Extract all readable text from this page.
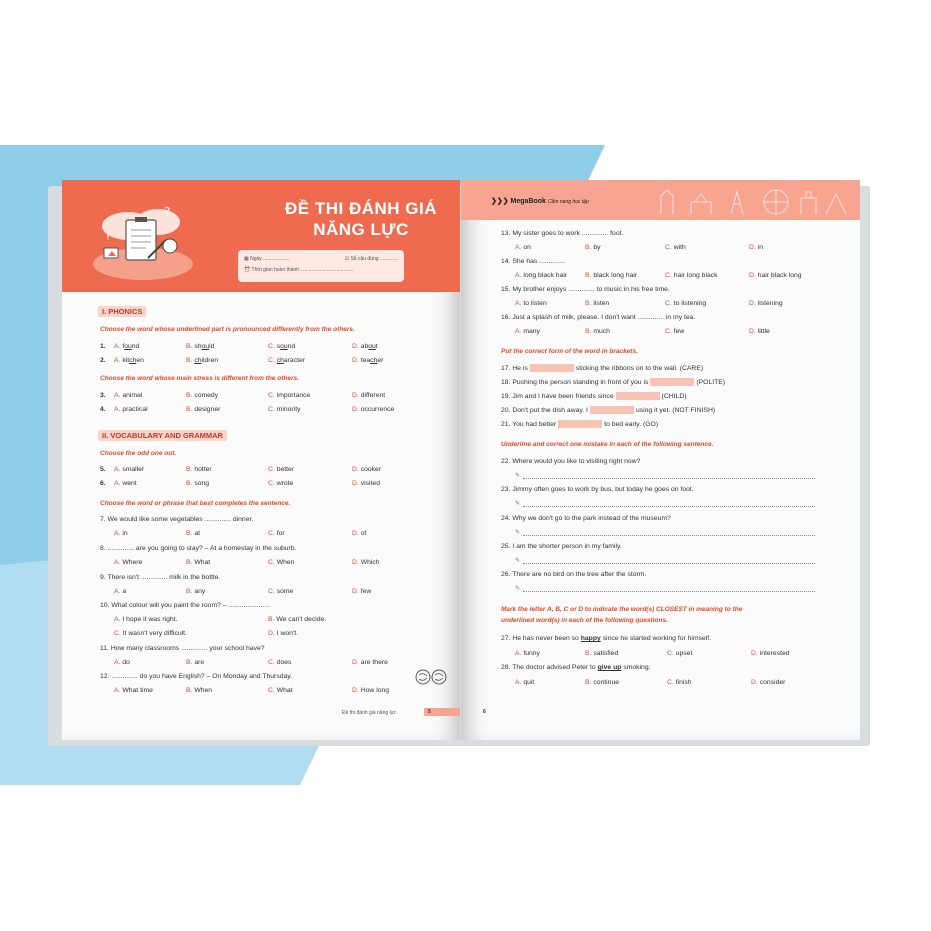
?
!
ĐỀ THI ĐÁNH GIÁ
NĂNG LỰC
▦ Ngày ...................	☑ Số câu đúng .............
⏰ Thời gian hoàn thành ......................................
I. PHONICS
Choose the word whose underlined part is pronounced differently from the others.
1. A. found	B. should	C. sound	D. about
2. A. kitchen	B. children	C. character	D. teacher
Choose the word whose main stress is different from the others.
3. A. animal	B. comedy	C. importance	D. different
4. A. practical	B. designer	C. minority	D. occurrence
II. VOCABULARY AND GRAMMAR
Choose the odd one out.
5. A. smaller	B. hotter	C. better	D. cooker
6. A. went	B. song	C. wrote	D. visited
Choose the word or phrase that best completes the sentence.
7. We would like some vegetables .............. dinner.
A. in	B. at	C. for	D. of
8. .............. are you going to stay? – At a homestay in the suburb.
A. Where	B. What	C. When	D. Which
9. There isn't .............. milk in the bottle.
A. a	B. any	C. some	D. few
10. What colour will you paint the room? – ......................
A. I hope it was right.	B. We can't decide.
C. It wasn't very difficult.	D. I won't.
11. How many classrooms .............. your school have?
A. do	B. are	C. does	D. are there
12. .............. do you have English? – On Monday and Thursday.
A. What time	B. When	C. What	D. How long
Đề thi đánh giá năng lực	5
❯❯❯ MegaBook Cẩm nang học tập
13. My sister goes to work .............. foot.
A. on	B. by	C. with	D. in
14. She has ..............
A. long black hair	B. black long hair	C. hair long black	D. hair black long
15. My brother enjoys .............. to music in his free time.
A. to listen	B. listen	C. to listening	D. listening
16. Just a splash of milk, please. I don't want .............. in my tea.
A. many	B. much	C. few	D. little
Put the correct form of the word in brackets.
17. He is	sticking the ribbons on to the wall. (CARE)
18. Pushing the person standing in front of you is	(POLITE)
19. Jim and I have been friends since	(CHILD)
20. Don't put the dish away. I	using it yet. (NOT FINISH)
21. You had better	to bed early. (GO)
Underline and correct one mistake in each of the following sentence.
22. Where would you like to visiting right now?
✎
23. Jimmy often goes to work by bus, but today he goes on foot.
✎
24. Why we don't go to the park instead of the museum?
✎
25. I am the shorter person in my family.
✎
26. There are no bird on the tree after the storm.
✎
Mark the letter A, B, C or D to indicate the word(s) CLOSEST in meaning to the
underlined word(s) in each of the following questions.
27. He has never been so happy since he started working for himself.
A. funny	B. satisfied	C. upset	D. interested
28. The doctor advised Peter to give up smoking.
A. quit	B. continue	C. finish	D. consider
6
